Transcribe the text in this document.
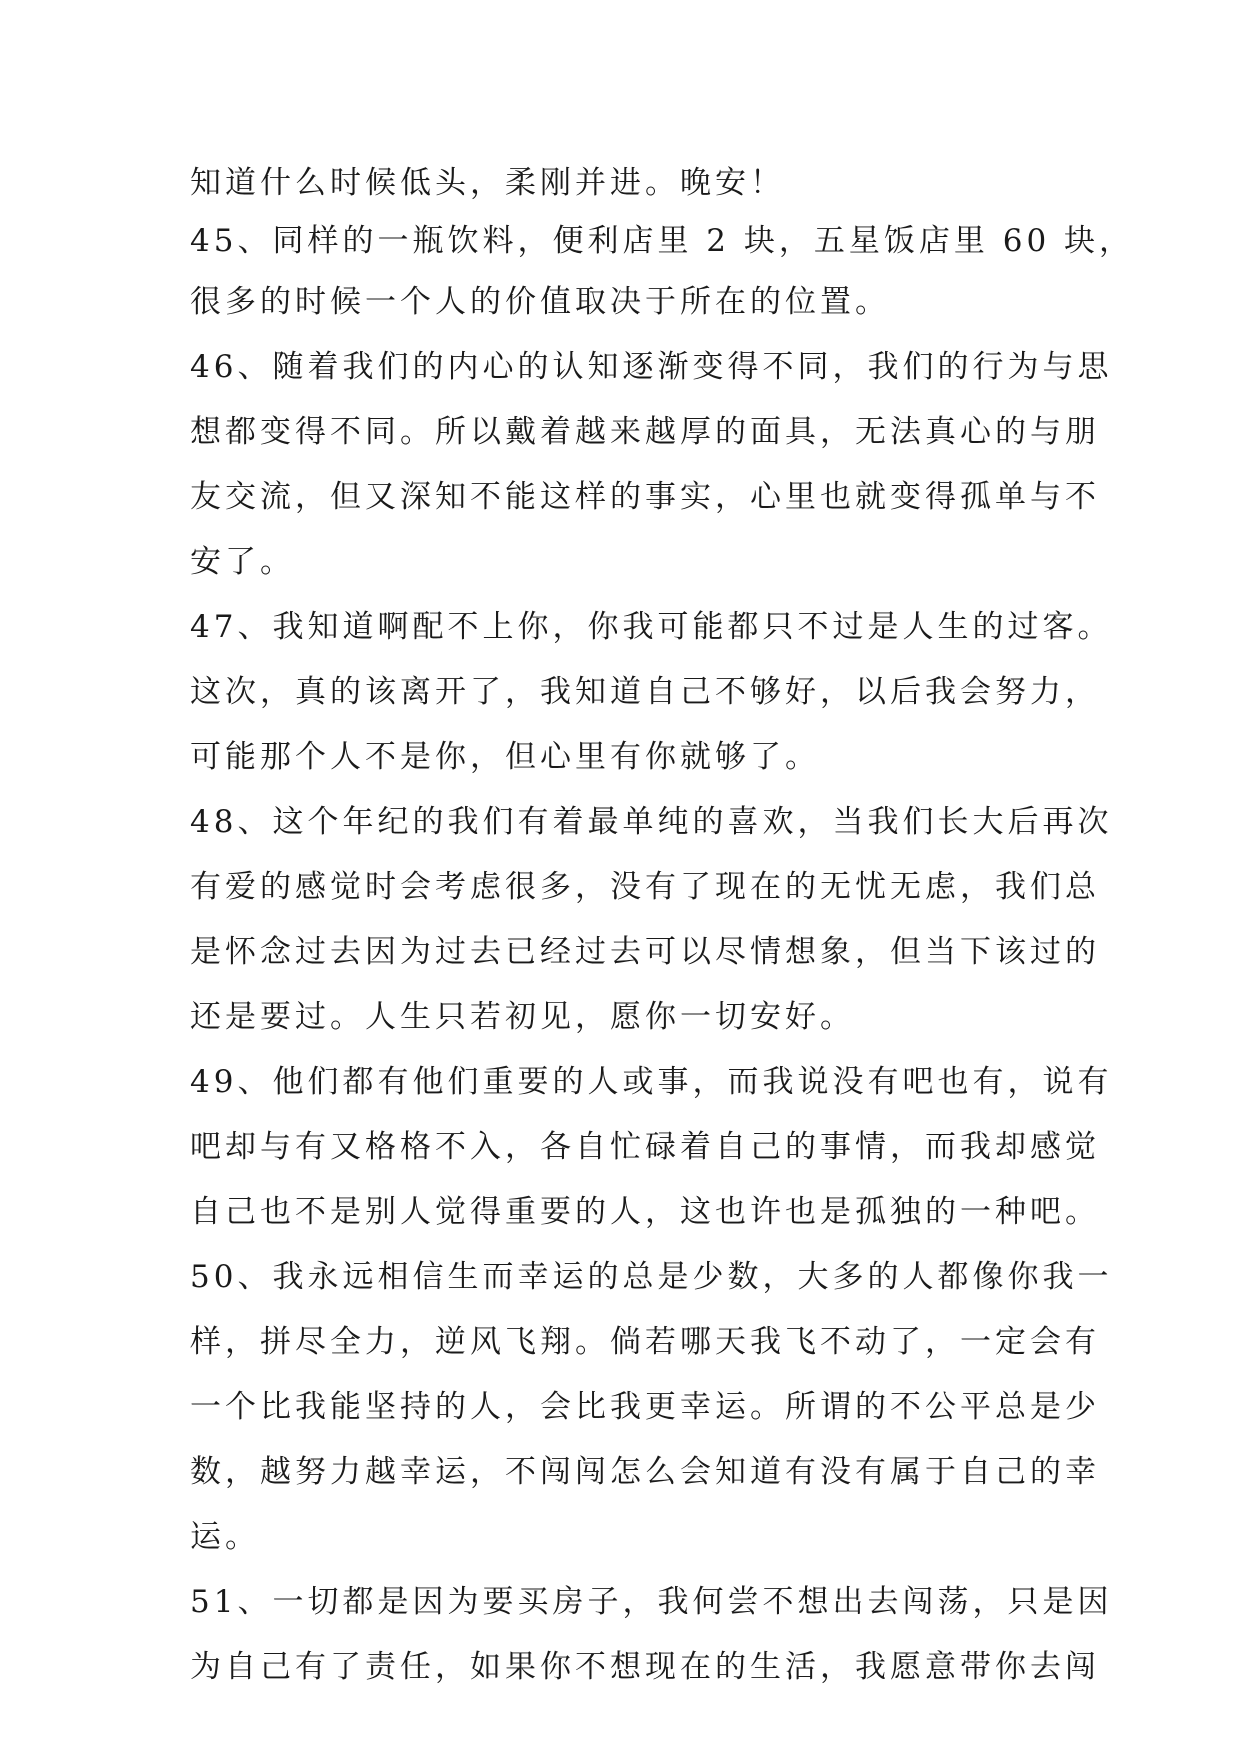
知道什么时候低头，柔刚并进。晚安！
45、同样的一瓶饮料，便利店里 2 块，五星饭店里 60 块，
很多的时候一个人的价值取决于所在的位置。
46、随着我们的内心的认知逐渐变得不同，我们的行为与思
想都变得不同。所以戴着越来越厚的面具，无法真心的与朋
友交流，但又深知不能这样的事实，心里也就变得孤单与不
安了。
47、我知道啊配不上你，你我可能都只不过是人生的过客。
这次，真的该离开了，我知道自己不够好，以后我会努力，
可能那个人不是你，但心里有你就够了。
48、这个年纪的我们有着最单纯的喜欢，当我们长大后再次
有爱的感觉时会考虑很多，没有了现在的无忧无虑，我们总
是怀念过去因为过去已经过去可以尽情想象，但当下该过的
还是要过。人生只若初见，愿你一切安好。
49、他们都有他们重要的人或事，而我说没有吧也有，说有
吧却与有又格格不入，各自忙碌着自己的事情，而我却感觉
自己也不是别人觉得重要的人，这也许也是孤独的一种吧。
50、我永远相信生而幸运的总是少数，大多的人都像你我一
样，拼尽全力，逆风飞翔。倘若哪天我飞不动了，一定会有
一个比我能坚持的人，会比我更幸运。所谓的不公平总是少
数，越努力越幸运，不闯闯怎么会知道有没有属于自己的幸
运。
51、一切都是因为要买房子，我何尝不想出去闯荡，只是因
为自己有了责任，如果你不想现在的生活，我愿意带你去闯
